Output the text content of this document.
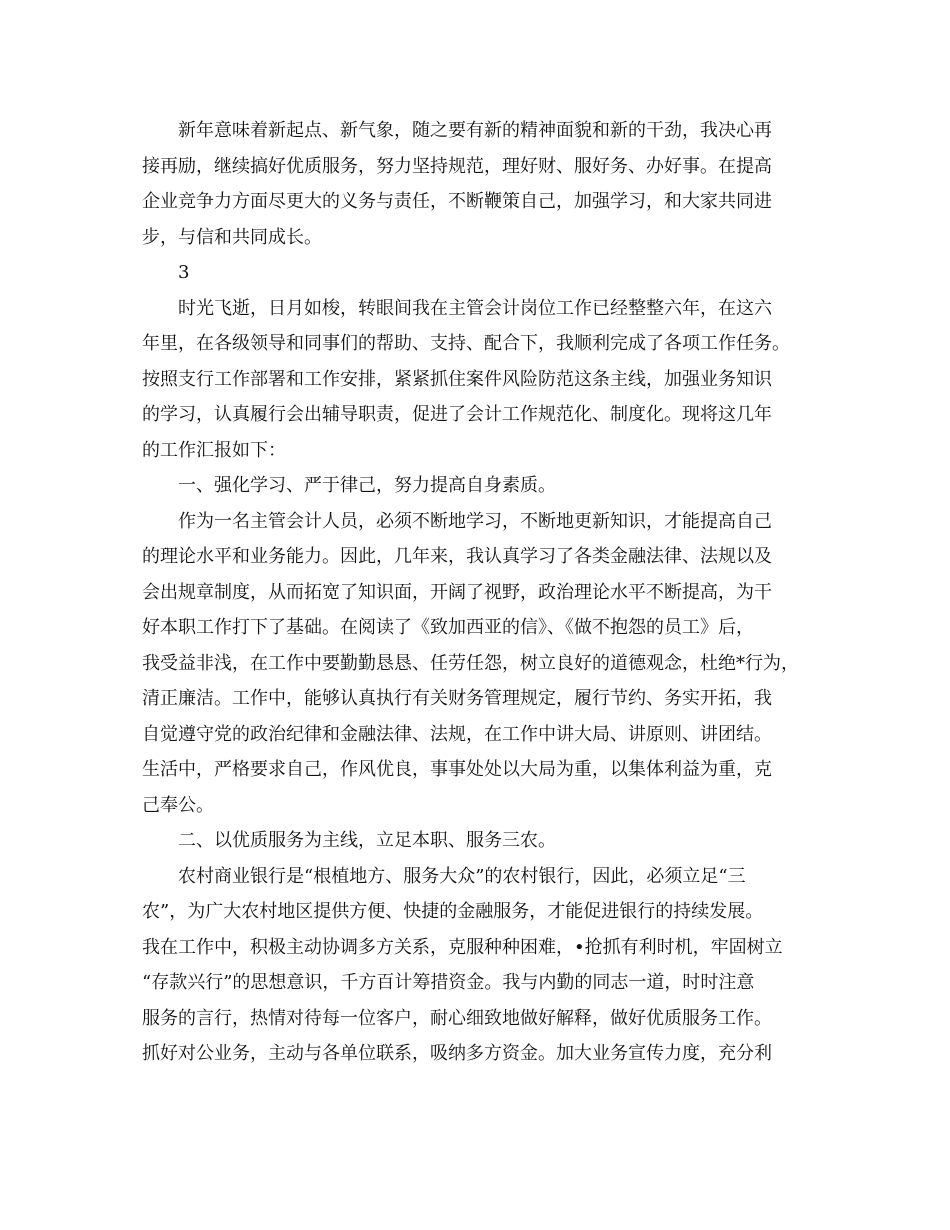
新年意味着新起点、新气象，随之要有新的精神面貌和新的干劲，我决心再
接再励，继续搞好优质服务，努力坚持规范，理好财、服好务、办好事。在提高
企业竞争力方面尽更大的义务与责任，不断鞭策自己，加强学习，和大家共同进
步，与信和共同成长。
3
时光飞逝，日月如梭，转眼间我在主管会计岗位工作已经整整六年，在这六
年里，在各级领导和同事们的帮助、支持、配合下，我顺利完成了各项工作任务。
按照支行工作部署和工作安排，紧紧抓住案件风险防范这条主线，加强业务知识
的学习，认真履行会出辅导职责，促进了会计工作规范化、制度化。现将这几年
的工作汇报如下：
一、强化学习、严于律己，努力提高自身素质。
作为一名主管会计人员，必须不断地学习，不断地更新知识，才能提高自己
的理论水平和业务能力。因此，几年来，我认真学习了各类金融法律、法规以及
会出规章制度，从而拓宽了知识面，开阔了视野，政治理论水平不断提高，为干
好本职工作打下了基础。在阅读了《致加西亚的信》、《做不抱怨的员工》后，
我受益非浅，在工作中要勤勤恳恳、任劳任怨，树立良好的道德观念，杜绝*行为，
清正廉洁。工作中，能够认真执行有关财务管理规定，履行节约、务实开拓，我
自觉遵守党的政治纪律和金融法律、法规，在工作中讲大局、讲原则、讲团结。
生活中，严格要求自己，作风优良，事事处处以大局为重，以集体利益为重，克
己奉公。
二、以优质服务为主线，立足本职、服务三农。
农村商业银行是“根植地方、服务大众”的农村银行，因此，必须立足“三
农”，为广大农村地区提供方便、快捷的金融服务，才能促进银行的持续发展。
我在工作中，积极主动协调多方关系，克服种种困难，•抢抓有利时机，牢固树立
“存款兴行”的思想意识，千方百计筹措资金。我与内勤的同志一道，时时注意
服务的言行，热情对待每一位客户，耐心细致地做好解释，做好优质服务工作。
抓好对公业务，主动与各单位联系，吸纳多方资金。加大业务宣传力度，充分利
